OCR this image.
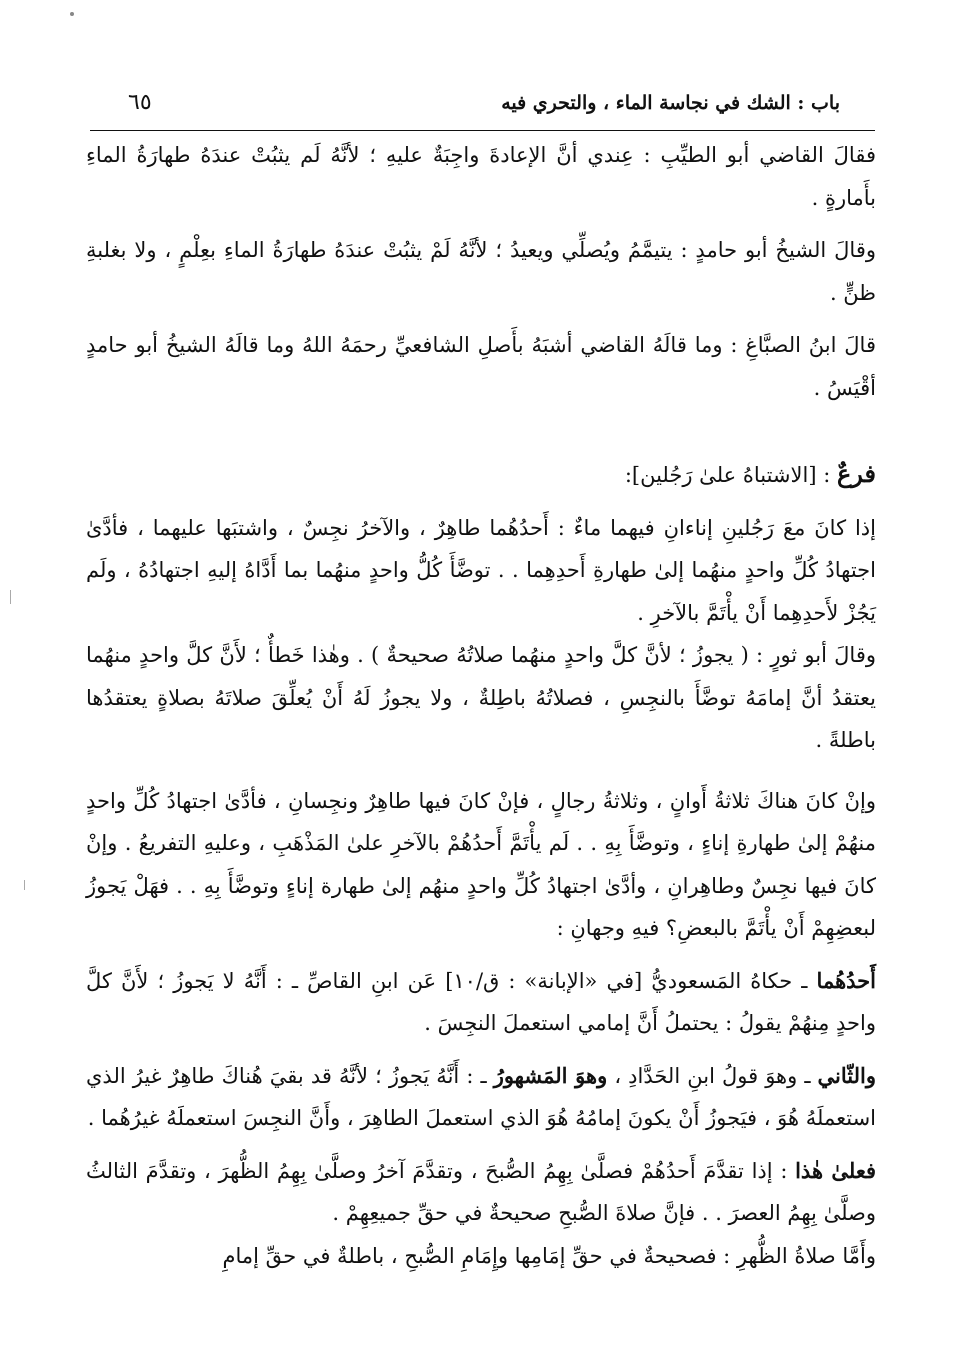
باب : الشك في نجاسة الماء ، والتحري فيه
٦٥

فقالَ القاضي أبو الطيِّبِ : عِندي أنَّ الإعادةَ واجِبَةٌ عليهِ ؛ لأنَّهُ لَم يثبُتْ عندَهُ طهارَةُ الماءِ بأَمارةٍ .

وقالَ الشيخُ أبو حامدٍ : يتيمَّمُ ويُصلِّي ويعيدُ ؛ لأنَّهُ لَمْ يثبُتْ عندَهُ طهارَةُ الماءِ بعِلْمٍ ، ولا بغلبةِ ظنٍّ .

قالَ ابنُ الصبَّاغِ : وما قالَهُ القاضي أشبَهُ بأَصلِ الشافعيِّ رحمَهُ اللهُ وما قالَهُ الشيخُ أبو حامدٍ أقْيَسُ .

فرعٌ : [الاشتباهُ علىٰ رَجُلين]:

إذا كانَ معَ رَجُلينِ إناءانِ فيهما ماءٌ : أَحدُهُما طاهِرٌ ، والآخرُ نجِسٌ ، واشتبَها عليهما ، فأدَّىٰ اجتهادُ كُلِّ واحدٍ منهُما إلىٰ طهارةِ أَحدِهِما . . توضَّأَ كُلُّ واحدٍ منهُما بما أَدَّاهُ إليهِ اجتهادُهُ ، ولَم يَجُزْ لأَحدِهِما أَنْ يأْتَمَّ بالآخرِ .

وقالَ أبو ثورٍ : ( يجوزُ ؛ لأنَّ كلَّ واحدٍ منهُما صلاتُهُ صحيحةٌ ) . وهٰذا خَطأٌ ؛ لأَنَّ كلَّ واحدٍ منهُما يعتقدُ أنَّ إمامَهُ توضَّأَ بالنجِسِ ، فصلاتُهُ باطِلةٌ ، ولا يجوزُ لَهُ أَنْ يُعلِّقَ صلاتَهُ بصلاةٍ يعتقدُها باطلةً .

وإنْ كانَ هناكَ ثلاثةُ أَوانٍ ، وثلاثةُ رجالٍ ، فإنْ كانَ فيها طاهِرٌ ونجِسانِ ، فأدَّىٰ اجتهادُ كُلِّ واحدٍ منهُمْ إلىٰ طهارةِ إناءٍ ، وتوضَّأَ بِهِ . . لَم يأْتَمَّ أَحدُهُمْ بالآخرِ علىٰ المَذْهَبِ ، وعليهِ التفريعُ . وإنْ كانَ فيها نجِسٌ وطاهِرانِ ، وأدَّىٰ اجتهادُ كُلِّ واحدٍ منهُم إلىٰ طهارة إناءٍ وتوضَّأَ بِهِ . . فهَلْ يَجوزُ لبعضِهِمْ أَنْ يأْتَمَّ بالبعضِ؟ فيهِ وجهانِ :

أَحدُهُما ـ حكاهُ المَسعوديُّ [في «الإبانة» : ق/١٠] عَن ابنِ القاصِّ ـ : أَنَّهُ لا يَجوزُ ؛ لأَنَّ كلَّ واحدٍ مِنهُمْ يقولُ : يحتملُ أَنَّ إمامي استعملَ النجِسَ .

والثّاني ـ وهوَ قولُ ابنِ الحَدَّادِ ، وهوَ المَشهورُ ـ : أَنَّهُ يَجوزُ ؛ لأنَّهُ قد بقيَ هُناكَ طاهِرٌ غيرُ الذي استعملَهُ هُوَ ، فيَجوزُ أَنْ يكونَ إمامُهُ هُوَ الذي استعملَ الطاهِرَ ، وأَنَّ النجِسَ استعملَهُ غيرُهُما .

فعلىٰ هٰذا : إذا تقدَّمَ أَحدُهُمْ فصلَّىٰ بِهِمُ الصُّبحَ ، وتقدَّمَ آخرُ وصلَّىٰ بِهِمُ الظُّهرَ ، وتقدَّمَ الثالثُ وصلَّىٰ بِهِمُ العصرَ . . فإنَّ صلاةَ الصُّبحِ صحيحةٌ في حقِّ جميعِهِمْ .

وأَمَّا صلاةُ الظُّهرِ : فصحيحةٌ في حقِّ إمَامِها وإِمَامِ الصُّبحِ ، باطلةٌ في حقِّ إمامِ
